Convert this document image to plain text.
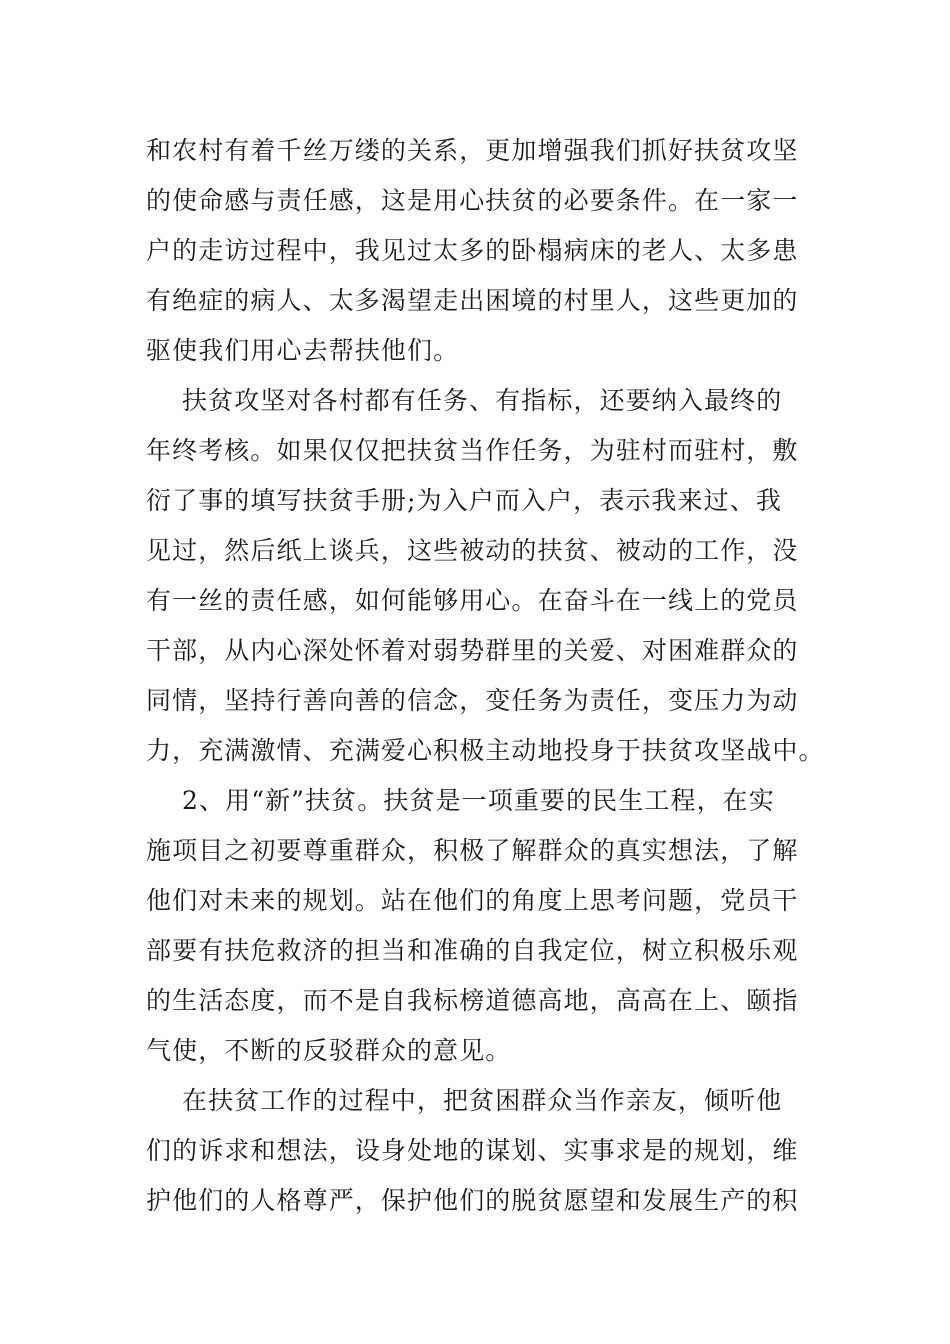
和农村有着千丝万缕的关系，更加增强我们抓好扶贫攻坚
的使命感与责任感，这是用心扶贫的必要条件。在一家一
户的走访过程中，我见过太多的卧榻病床的老人、太多患
有绝症的病人、太多渴望走出困境的村里人，这些更加的
驱使我们用心去帮扶他们。
扶贫攻坚对各村都有任务、有指标，还要纳入最终的
年终考核。如果仅仅把扶贫当作任务，为驻村而驻村，敷
衍了事的填写扶贫手册;为入户而入户，表示我来过、我
见过，然后纸上谈兵，这些被动的扶贫、被动的工作，没
有一丝的责任感，如何能够用心。在奋斗在一线上的党员
干部，从内心深处怀着对弱势群里的关爱、对困难群众的
同情，坚持行善向善的信念，变任务为责任，变压力为动
力，充满激情、充满爱心积极主动地投身于扶贫攻坚战中。
2、用“新”扶贫。扶贫是一项重要的民生工程，在实
施项目之初要尊重群众，积极了解群众的真实想法，了解
他们对未来的规划。站在他们的角度上思考问题，党员干
部要有扶危救济的担当和准确的自我定位，树立积极乐观
的生活态度，而不是自我标榜道德高地，高高在上、颐指
气使，不断的反驳群众的意见。
在扶贫工作的过程中，把贫困群众当作亲友，倾听他
们的诉求和想法，设身处地的谋划、实事求是的规划，维
护他们的人格尊严，保护他们的脱贫愿望和发展生产的积
